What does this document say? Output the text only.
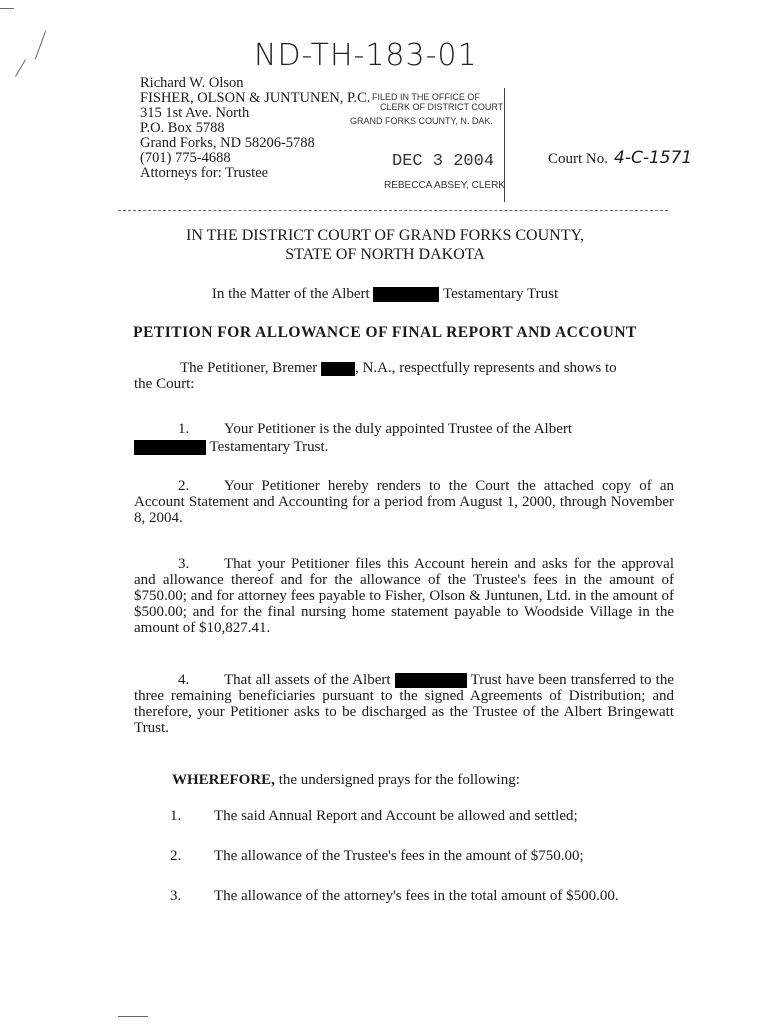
ND-TH-183-01
Richard W. Olson
FISHER, OLSON & JUNTUNEN, P.C.
315 1st Ave. North
P.O. Box 5788
Grand Forks, ND 58206-5788
(701) 775-4688
Attorneys for: Trustee
FILED IN THE OFFICE OF
CLERK OF DISTRICT COURT
GRAND FORKS COUNTY, N. DAK.
DEC 3 2004
REBECCA ABSEY, CLERK
Court No. 4-C-1571
IN THE DISTRICT COURT OF GRAND FORKS COUNTY,
STATE OF NORTH DAKOTA
In the Matter of the Albert	Testamentary Trust
PETITION FOR ALLOWANCE OF FINAL REPORT AND ACCOUNT
The Petitioner, Bremer	, N.A., respectfully represents and shows to
the Court:
1. Your Petitioner is the duly appointed Trustee of the Albert
Testamentary Trust.
2. Your Petitioner hereby renders to the Court the attached copy of an Account Statement and Accounting for a period from August 1, 2000, through November 8, 2004.
3. That your Petitioner files this Account herein and asks for the approval and allowance thereof and for the allowance of the Trustee's fees in the amount of $750.00; and for attorney fees payable to Fisher, Olson & Juntunen, Ltd. in the amount of $500.00; and for the final nursing home statement payable to Woodside Village in the amount of $10,827.41.
4. That all assets of the Albert	Trust have been transferred to the three remaining beneficiaries pursuant to the signed Agreements of Distribution; and therefore, your Petitioner asks to be discharged as the Trustee of the Albert Bringewatt Trust.
WHEREFORE, the undersigned prays for the following:
1. The said Annual Report and Account be allowed and settled;
2. The allowance of the Trustee's fees in the amount of $750.00;
3. The allowance of the attorney's fees in the total amount of $500.00.
